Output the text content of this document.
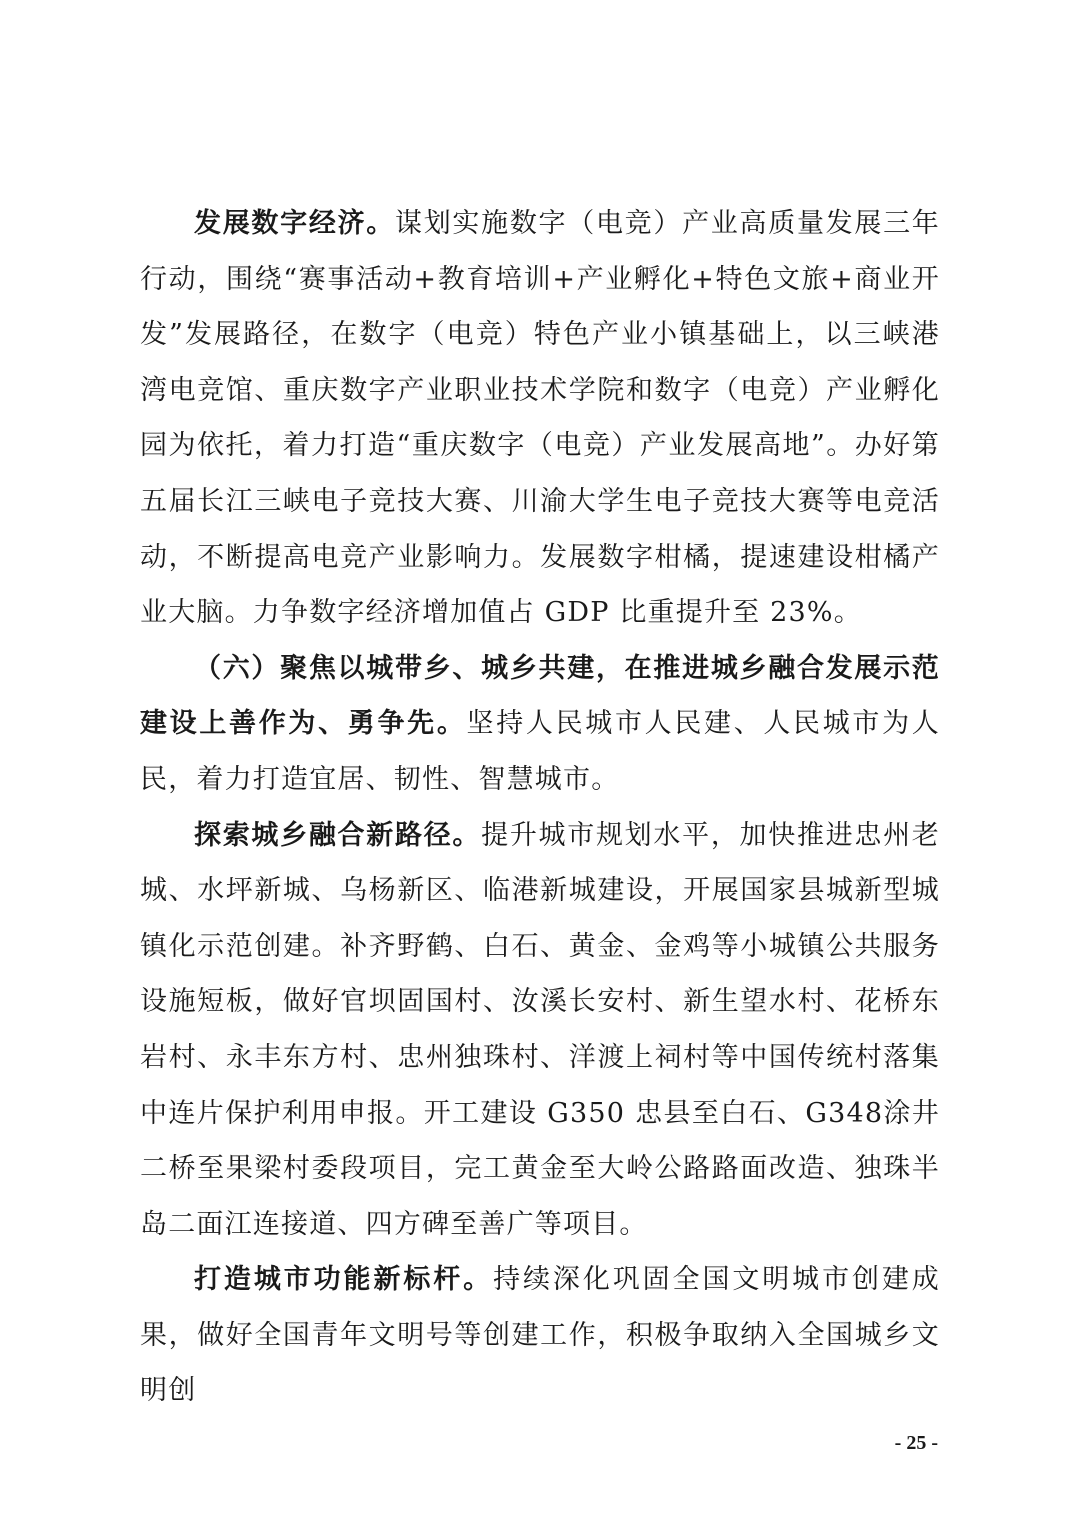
发展数字经济。谋划实施数字（电竞）产业高质量发展三年行动，围绕“赛事活动+教育培训+产业孵化+特色文旅+商业开发”发展路径，在数字（电竞）特色产业小镇基础上，以三峡港湾电竞馆、重庆数字产业职业技术学院和数字（电竞）产业孵化园为依托，着力打造“重庆数字（电竞）产业发展高地”。办好第五届长江三峡电子竞技大赛、川渝大学生电子竞技大赛等电竞活动，不断提高电竞产业影响力。发展数字柑橘，提速建设柑橘产业大脑。力争数字经济增加值占 GDP 比重提升至 23%。

（六）聚焦以城带乡、城乡共建，在推进城乡融合发展示范建设上善作为、勇争先。坚持人民城市人民建、人民城市为人民，着力打造宜居、韧性、智慧城市。

探索城乡融合新路径。提升城市规划水平，加快推进忠州老城、水坪新城、乌杨新区、临港新城建设，开展国家县城新型城镇化示范创建。补齐野鹤、白石、黄金、金鸡等小城镇公共服务设施短板，做好官坝固国村、汝溪长安村、新生望水村、花桥东岩村、永丰东方村、忠州独珠村、洋渡上祠村等中国传统村落集中连片保护利用申报。开工建设 G350 忠县至白石、G348涂井二桥至果梁村委段项目，完工黄金至大岭公路路面改造、独珠半岛二面江连接道、四方碑至善广等项目。

打造城市功能新标杆。持续深化巩固全国文明城市创建成果，做好全国青年文明号等创建工作，积极争取纳入全国城乡文明创

- 25 -
